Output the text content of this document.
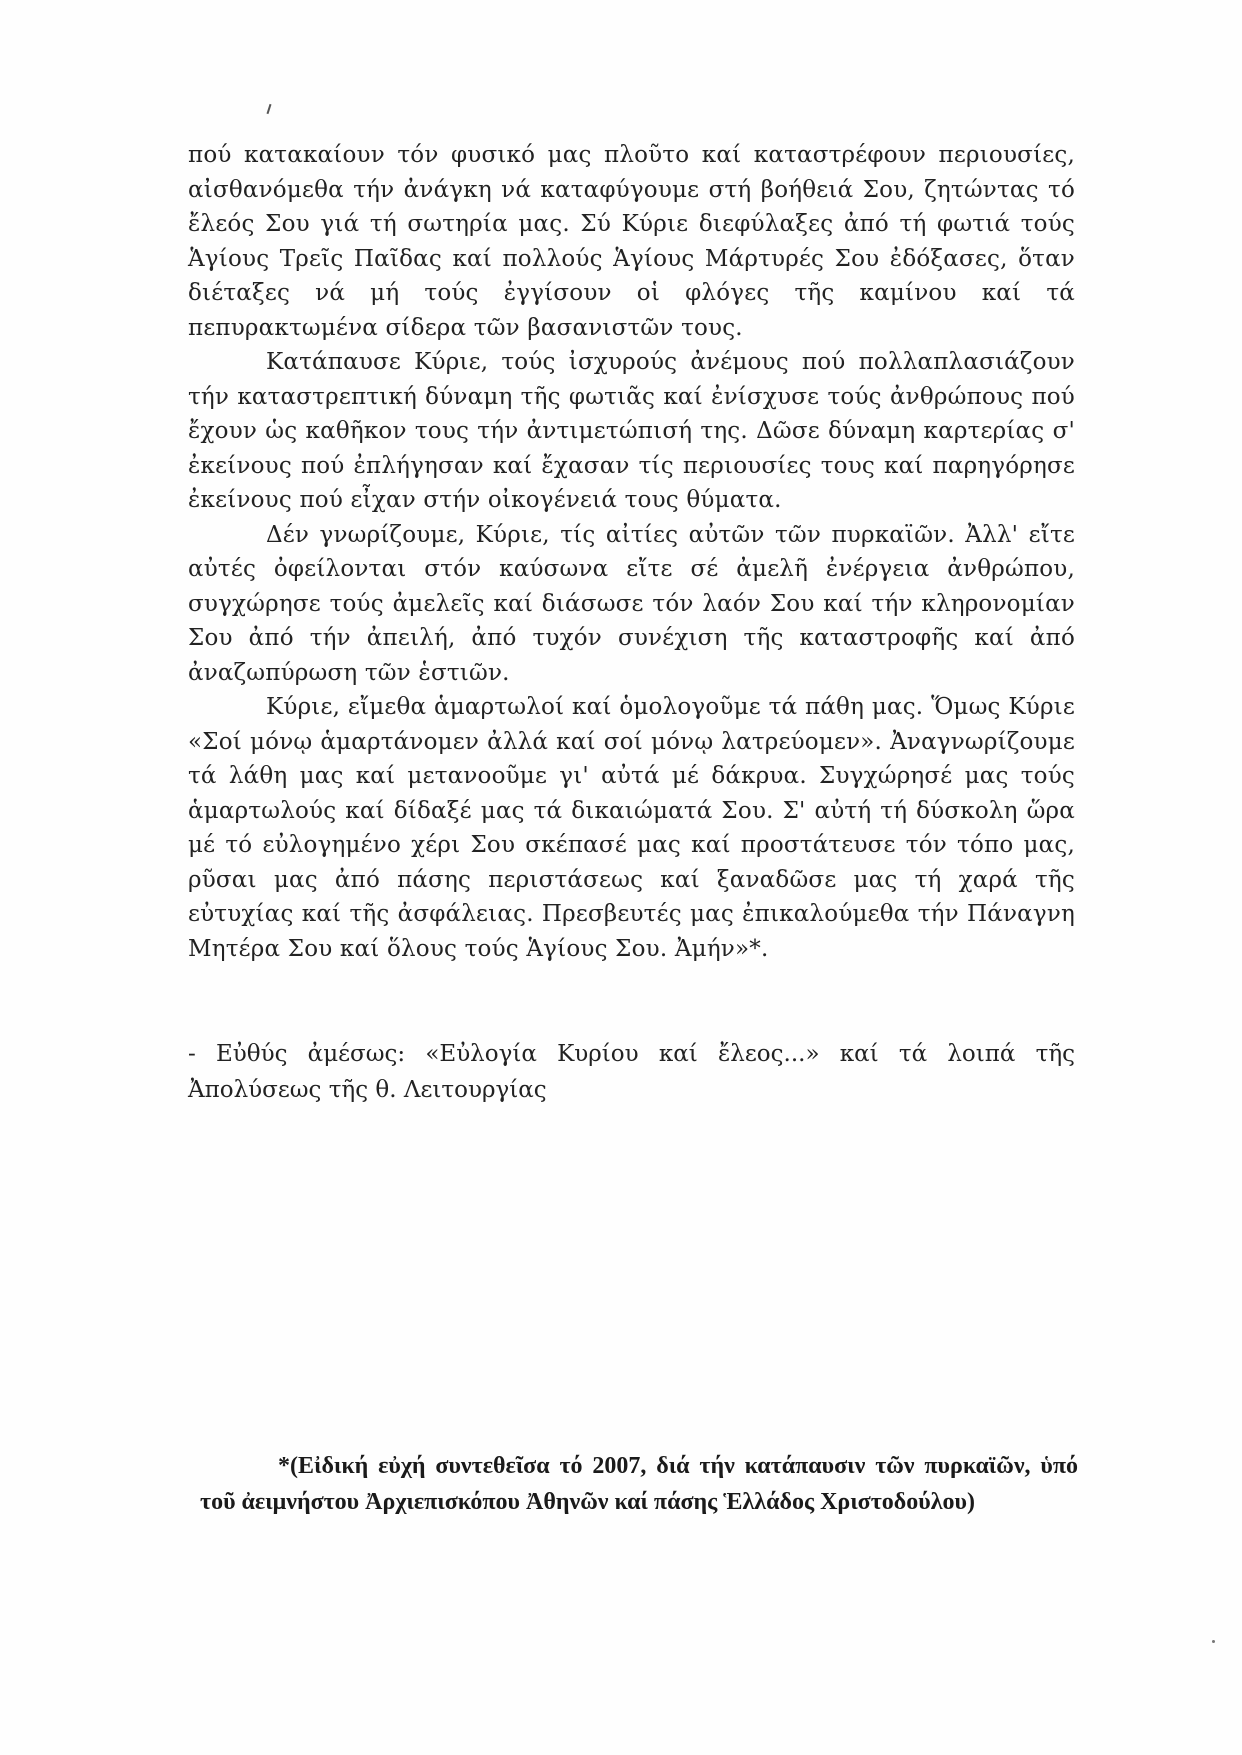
πού κατακαίουν τόν φυσικό μας πλοῦτο καί καταστρέφουν περιουσίες, αἰσθανόμεθα τήν ἀνάγκη νά καταφύγουμε στή βοήθειά Σου, ζητώντας τό ἔλεός Σου γιά τή σωτηρία μας. Σύ Κύριε διεφύλαξες ἀπό τή φωτιά τούς Ἁγίους Τρεῖς Παῖδας καί πολλούς Ἁγίους Μάρτυρές Σου ἐδόξασες, ὅταν διέταξες νά μή τούς ἐγγίσουν οἱ φλόγες τῆς καμίνου καί τά πεπυρακτωμένα σίδερα τῶν βασανιστῶν τους.

Κατάπαυσε Κύριε, τούς ἰσχυρούς ἀνέμους πού πολλαπλασιάζουν τήν καταστρεπτική δύναμη τῆς φωτιᾶς καί ἐνίσχυσε τούς ἀνθρώπους πού ἔχουν ὡς καθῆκον τους τήν ἀντιμετώπισή της. Δῶσε δύναμη καρτερίας σ' ἐκείνους πού ἐπλήγησαν καί ἔχασαν τίς περιουσίες τους καί παρηγόρησε ἐκείνους πού εἶχαν στήν οἰκογένειά τους θύματα.

Δέν γνωρίζουμε, Κύριε, τίς αἰτίες αὐτῶν τῶν πυρκαϊῶν. Ἀλλ' εἴτε αὐτές ὀφείλονται στόν καύσωνα εἴτε σέ ἀμελῆ ἐνέργεια ἀνθρώπου, συγχώρησε τούς ἀμελεῖς καί διάσωσε τόν λαόν Σου καί τήν κληρονομίαν Σου ἀπό τήν ἀπειλή, ἀπό τυχόν συνέχιση τῆς καταστροφῆς καί ἀπό ἀναζωπύρωση τῶν ἑστιῶν.

Κύριε, εἴμεθα ἁμαρτωλοί καί ὁμολογοῦμε τά πάθη μας. Ὅμως Κύριε «Σοί μόνῳ ἁμαρτάνομεν ἀλλά καί σοί μόνῳ λατρεύομεν». Ἀναγνωρίζουμε τά λάθη μας καί μετανοοῦμε γι' αὐτά μέ δάκρυα. Συγχώρησέ μας τούς ἁμαρτωλούς καί δίδαξέ μας τά δικαιώματά Σου. Σ' αὐτή τή δύσκολη ὥρα μέ τό εὐλογημένο χέρι Σου σκέπασέ μας καί προστάτευσε τόν τόπο μας, ρῦσαι μας ἀπό πάσης περιστάσεως καί ξαναδῶσε μας τή χαρά τῆς εὐτυχίας καί τῆς ἀσφάλειας. Πρεσβευτές μας ἐπικαλούμεθα τήν Πάναγνη Μητέρα Σου καί ὅλους τούς Ἁγίους Σου. Ἀμήν»*.

- Εὐθύς ἀμέσως: «Εὐλογία Κυρίου καί ἔλεος...» καί τά λοιπά τῆς Ἀπολύσεως τῆς θ. Λειτουργίας
*(Εἰδική εὐχή συντεθεῖσα τό 2007, διά τήν κατάπαυσιν τῶν πυρκαϊῶν, ὑπό τοῦ ἀειμνήστου Ἀρχιεπισκόπου Ἀθηνῶν καί πάσης Ἑλλάδος Χριστοδούλου)
